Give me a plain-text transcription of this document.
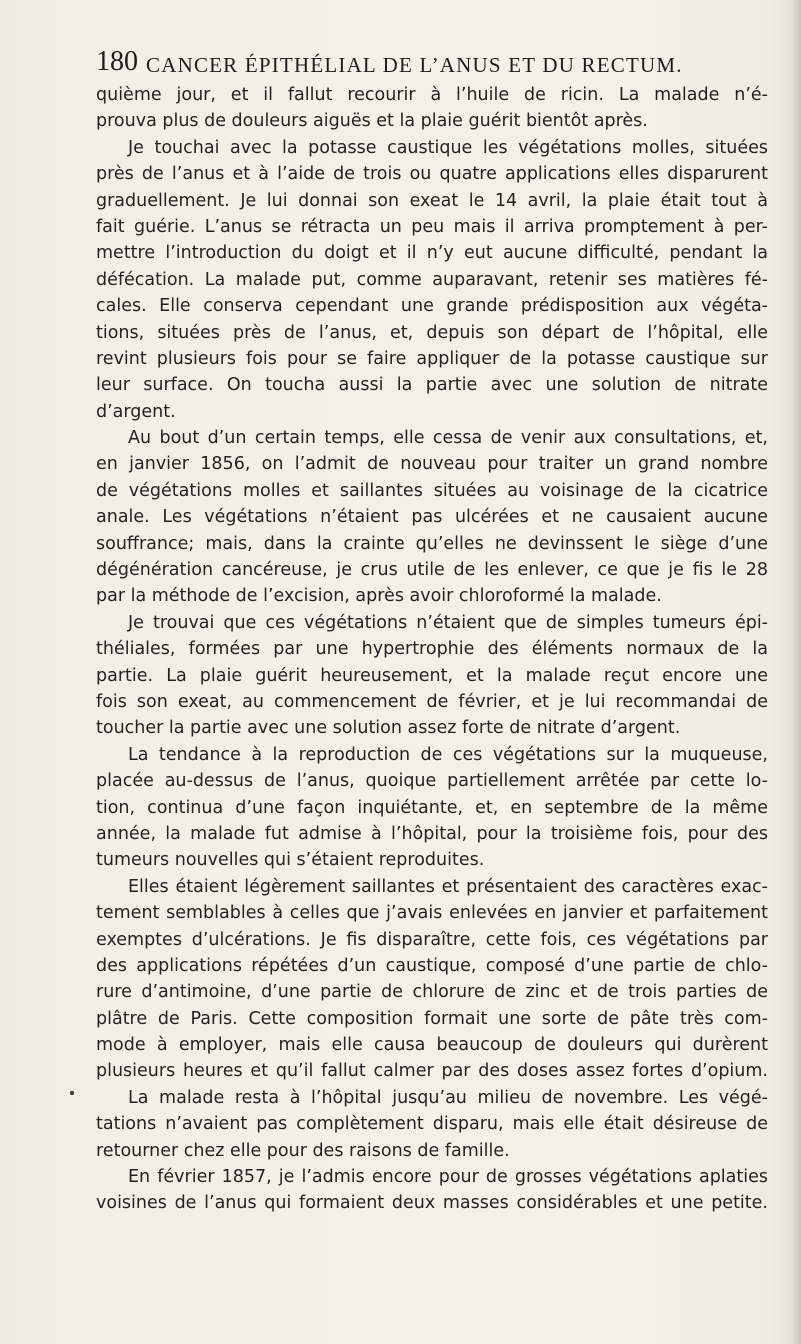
180 CANCER ÉPITHÉLIAL DE L’ANUS ET DU RECTUM.
quième jour, et il fallut recourir à l’huile de ricin. La malade n’é-
prouva plus de douleurs aiguës et la plaie guérit bientôt après.
Je touchai avec la potasse caustique les végétations molles, situées
près de l’anus et à l’aide de trois ou quatre applications elles disparurent
graduellement. Je lui donnai son exeat le 14 avril, la plaie était tout à
fait guérie. L’anus se rétracta un peu mais il arriva promptement à per-
mettre l’introduction du doigt et il n’y eut aucune difficulté, pendant la
défécation. La malade put, comme auparavant, retenir ses matières fé-
cales. Elle conserva cependant une grande prédisposition aux végéta-
tions, situées près de l’anus, et, depuis son départ de l’hôpital, elle
revint plusieurs fois pour se faire appliquer de la potasse caustique sur
leur surface. On toucha aussi la partie avec une solution de nitrate
d’argent.
Au bout d’un certain temps, elle cessa de venir aux consultations, et,
en janvier 1856, on l’admit de nouveau pour traiter un grand nombre
de végétations molles et saillantes situées au voisinage de la cicatrice
anale. Les végétations n’étaient pas ulcérées et ne causaient aucune
souffrance; mais, dans la crainte qu’elles ne devinssent le siège d’une
dégénération cancéreuse, je crus utile de les enlever, ce que je fis le 28
par la méthode de l’excision, après avoir chloroformé la malade.
Je trouvai que ces végétations n’étaient que de simples tumeurs épi-
théliales, formées par une hypertrophie des éléments normaux de la
partie. La plaie guérit heureusement, et la malade reçut encore une
fois son exeat, au commencement de février, et je lui recommandai de
toucher la partie avec une solution assez forte de nitrate d’argent.
La tendance à la reproduction de ces végétations sur la muqueuse,
placée au-dessus de l’anus, quoique partiellement arrêtée par cette lo-
tion, continua d’une façon inquiétante, et, en septembre de la même
année, la malade fut admise à l’hôpital, pour la troisième fois, pour des
tumeurs nouvelles qui s’étaient reproduites.
Elles étaient légèrement saillantes et présentaient des caractères exac-
tement semblables à celles que j’avais enlevées en janvier et parfaitement
exemptes d’ulcérations. Je fis disparaître, cette fois, ces végétations par
des applications répétées d’un caustique, composé d’une partie de chlo-
rure d’antimoine, d’une partie de chlorure de zinc et de trois parties de
plâtre de Paris. Cette composition formait une sorte de pâte très com-
mode à employer, mais elle causa beaucoup de douleurs qui durèrent
plusieurs heures et qu’il fallut calmer par des doses assez fortes d’opium.
La malade resta à l’hôpital jusqu’au milieu de novembre. Les végé-
tations n’avaient pas complètement disparu, mais elle était désireuse de
retourner chez elle pour des raisons de famille.
En février 1857, je l’admis encore pour de grosses végétations aplaties
voisines de l’anus qui formaient deux masses considérables et une petite.
